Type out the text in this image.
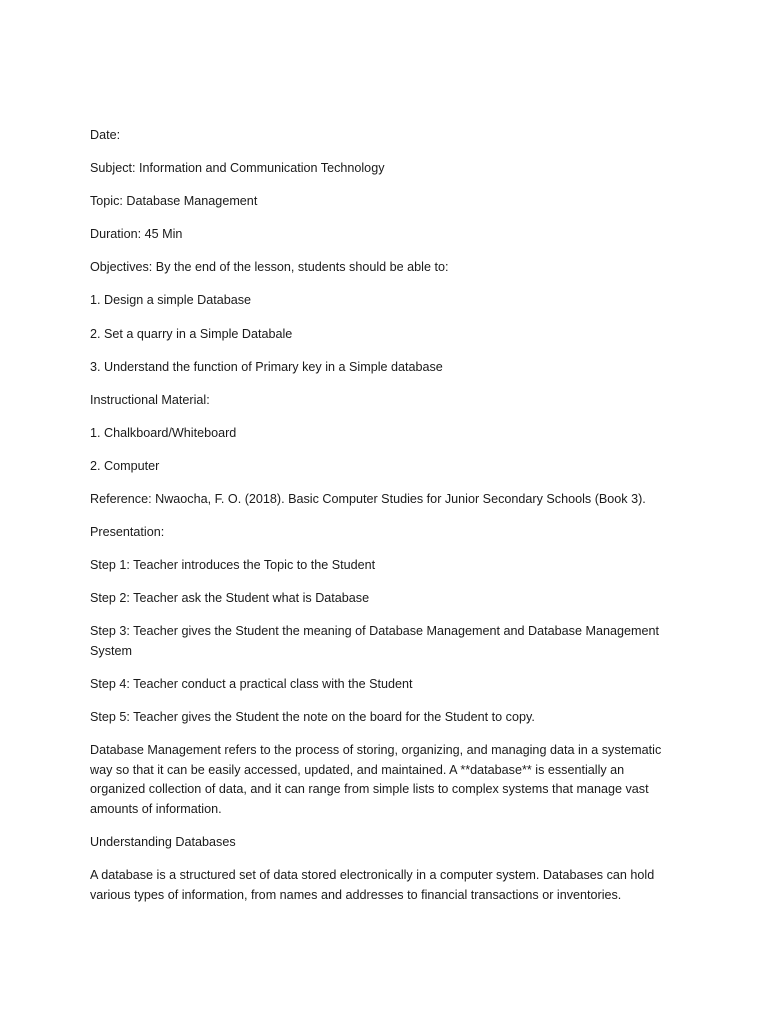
Date:

Subject: Information and Communication Technology

Topic: Database Management

Duration: 45 Min

Objectives: By the end of the lesson, students should be able to:

1. Design a simple Database

2. Set a quarry in a Simple Databale

3. Understand the function of Primary key in a Simple database

Instructional Material:

1. Chalkboard/Whiteboard

2. Computer

Reference: Nwaocha, F. O. (2018). Basic Computer Studies for Junior Secondary Schools (Book 3).

Presentation:

Step 1: Teacher introduces the Topic to the Student

Step 2: Teacher ask the Student what is Database

Step 3: Teacher gives the Student the meaning of Database Management and Database Management System

Step 4: Teacher conduct a practical class with the Student

Step 5: Teacher gives the Student the note on the board for the Student to copy.

Database Management refers to the process of storing, organizing, and managing data in a systematic way so that it can be easily accessed, updated, and maintained. A **database** is essentially an organized collection of data, and it can range from simple lists to complex systems that manage vast amounts of information.

Understanding Databases

A database is a structured set of data stored electronically in a computer system. Databases can hold various types of information, from names and addresses to financial transactions or inventories.
